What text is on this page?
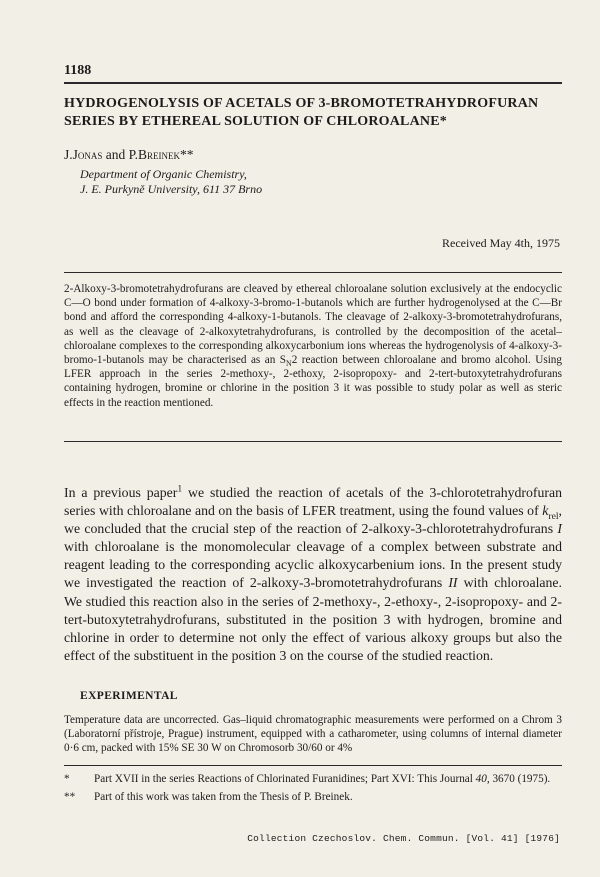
1188
HYDROGENOLYSIS OF ACETALS OF 3-BROMOTETRAHYDROFURAN SERIES BY ETHEREAL SOLUTION OF CHLOROALANE*
J.Jonas and P.Breinek**
Department of Organic Chemistry,
J. E. Purkyně University, 611 37 Brno
Received May 4th, 1975
2-Alkoxy-3-bromotetrahydrofurans are cleaved by ethereal chloroalane solution exclusively at the endocyclic C—O bond under formation of 4-alkoxy-3-bromo-1-butanols which are further hydrogenolysed at the C—Br bond and afford the corresponding 4-alkoxy-1-butanols. The cleavage of 2-alkoxy-3-bromotetrahydrofurans, as well as the cleavage of 2-alkoxytetrahydrofurans, is controlled by the decomposition of the acetal–chloroalane complexes to the corresponding alkoxycarbonium ions whereas the hydrogenolysis of 4-alkoxy-3-bromo-1-butanols may be characterised as an $S_N2$ reaction between chloroalane and bromo alcohol. Using LFER approach in the series 2-methoxy-, 2-ethoxy, 2-isopropoxy- and 2-tert-butoxytetrahydrofurans containing hydrogen, bromine or chlorine in the position 3 it was possible to study polar as well as steric effects in the reaction mentioned.
In a previous paper$^1$ we studied the reaction of acetals of the 3-chlorotetrahydrofuran series with chloroalane and on the basis of LFER treatment, using the found values of $k_{rel}$, we concluded that the crucial step of the reaction of 2-alkoxy-3-chlorotetrahydrofurans I with chloroalane is the monomolecular cleavage of a complex between substrate and reagent leading to the corresponding acyclic alkoxycarbenium ions. In the present study we investigated the reaction of 2-alkoxy-3-bromotetrahydrofurans II with chloroalane. We studied this reaction also in the series of 2-methoxy-, 2-ethoxy-, 2-isopropoxy- and 2-tert-butoxytetrahydrofurans, substituted in the position 3 with hydrogen, bromine and chlorine in order to determine not only the effect of various alkoxy groups but also the effect of the substituent in the position 3 on the course of the studied reaction.
EXPERIMENTAL
Temperature data are uncorrected. Gas–liquid chromatographic measurements were performed on a Chrom 3 (Laboratorní přístroje, Prague) instrument, equipped with a catharometer, using columns of internal diameter 0·6 cm, packed with 15% SE 30 W on Chromosorb 30/60 or 4%
* Part XVII in the series Reactions of Chlorinated Furanidines; Part XVI: This Journal 40, 3670 (1975).
** Part of this work was taken from the Thesis of P. Breinek.
Collection Czechoslov. Chem. Commun. [Vol. 41] [1976]
